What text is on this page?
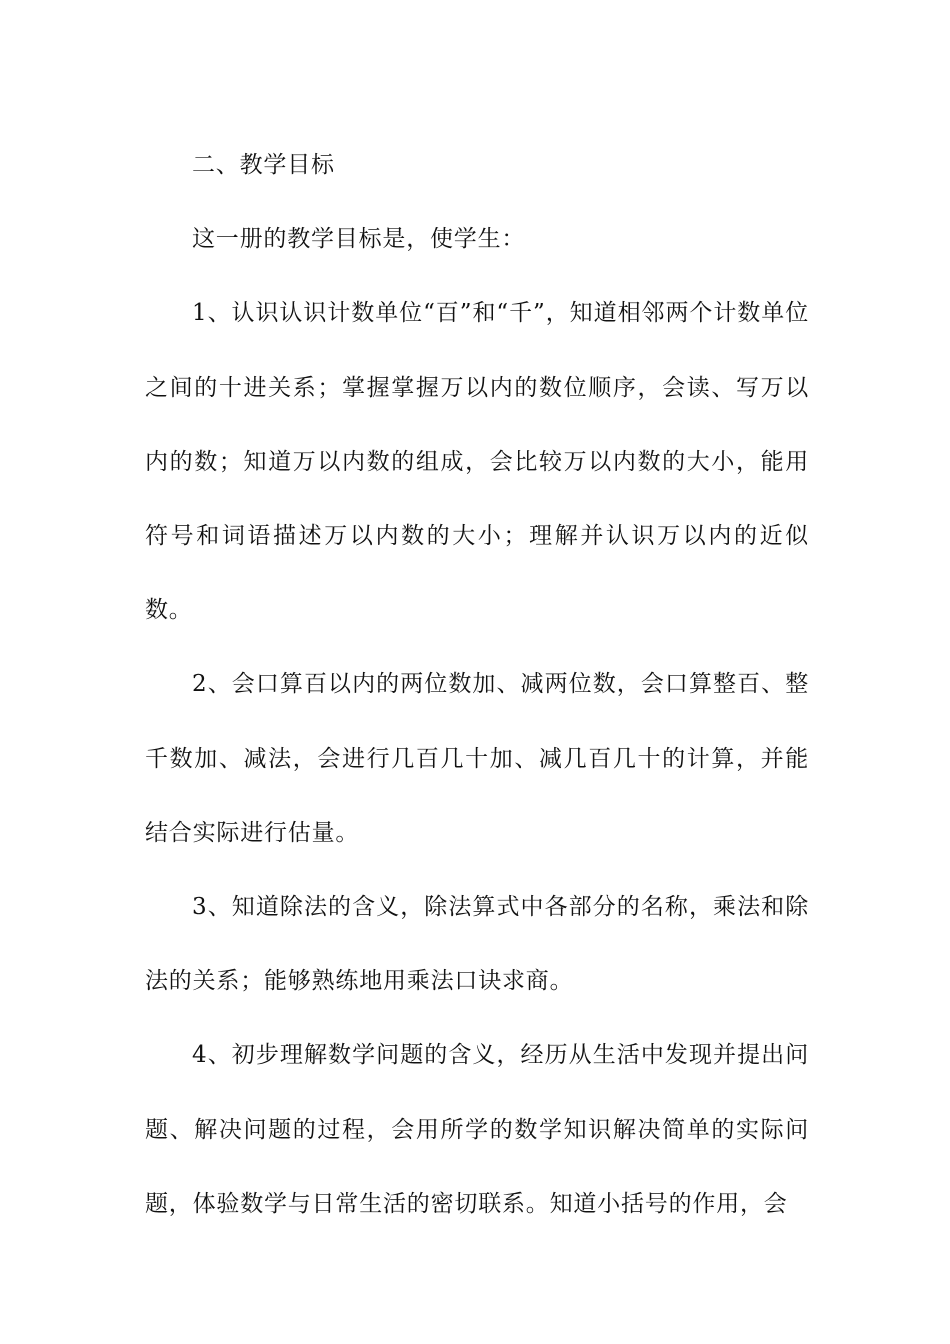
二、教学目标

这一册的教学目标是，使学生：

1、认识认识计数单位“百”和“千”，知道相邻两个计数单位之间的十进关系；掌握掌握万以内的数位顺序，会读、写万以内的数；知道万以内数的组成，会比较万以内数的大小，能用符号和词语描述万以内数的大小；理解并认识万以内的近似数。

2、会口算百以内的两位数加、减两位数，会口算整百、整千数加、减法，会进行几百几十加、减几百几十的计算，并能结合实际进行估量。

3、知道除法的含义，除法算式中各部分的名称，乘法和除法的关系；能够熟练地用乘法口诀求商。

4、初步理解数学问题的含义，经历从生活中发现并提出问题、解决问题的过程，会用所学的数学知识解决简单的实际问题，体验数学与日常生活的密切联系。知道小括号的作用，会
